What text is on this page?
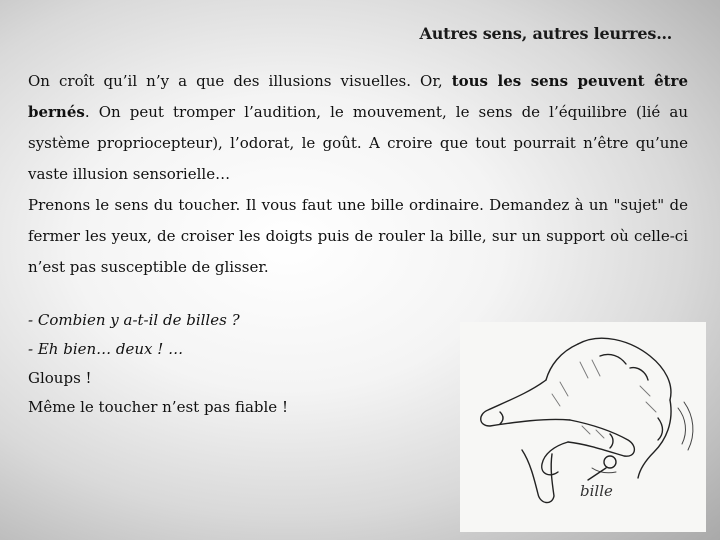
Autres sens, autres leurres…

On croît qu’il n’y a que des illusions visuelles. Or, tous les sens peuvent être bernés. On peut tromper l’audition, le mouvement, le sens de l’équilibre (lié au système propriocepteur), l’odorat, le goût. A croire que tout pourrait n’être qu’une vaste illusion sensorielle…

Prenons le sens du toucher. Il vous faut une bille ordinaire. Demandez à un "sujet" de fermer les yeux, de croiser les doigts puis de rouler la bille, sur un support où celle-ci n’est pas susceptible de glisser.

- Combien y a-t-il de billes ?

- Eh bien… deux ! …

Gloups !

Même le toucher n’est pas fiable !

bille
